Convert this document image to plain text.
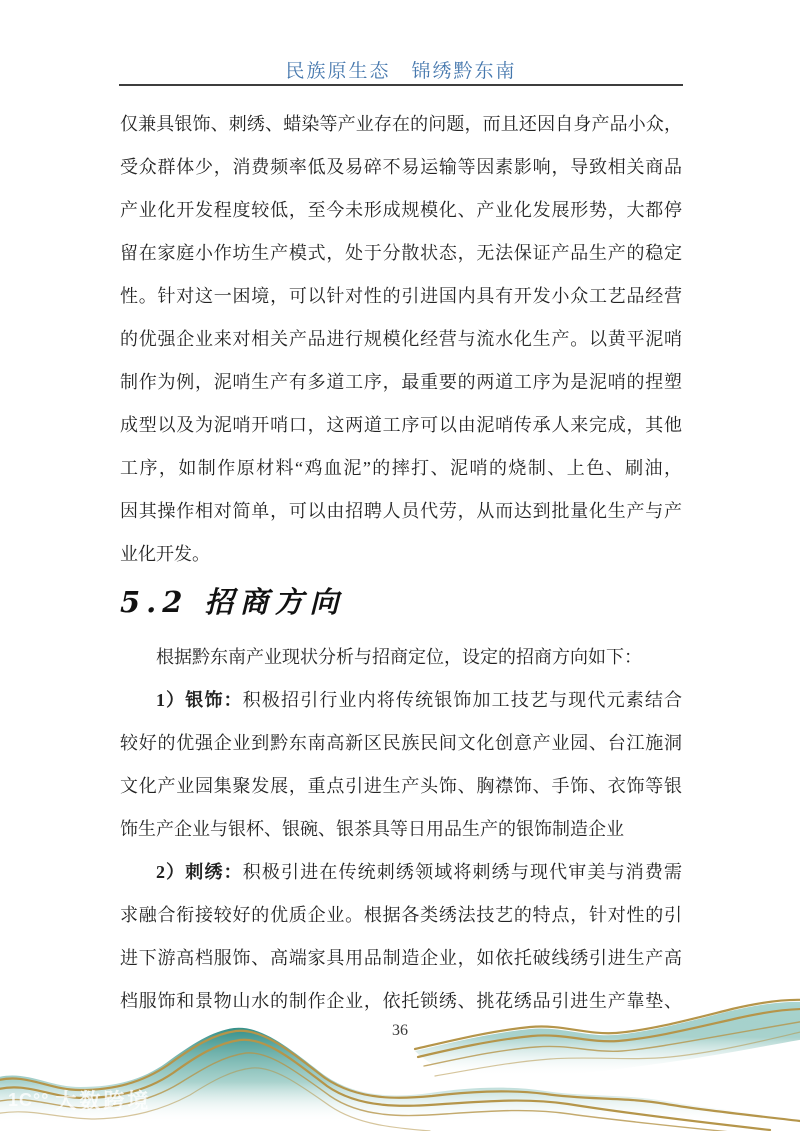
民族原生态　锦绣黔东南
仅兼具银饰、刺绣、蜡染等产业存在的问题，而且还因自身产品小众，
受众群体少，消费频率低及易碎不易运输等因素影响，导致相关商品
产业化开发程度较低，至今未形成规模化、产业化发展形势，大都停
留在家庭小作坊生产模式，处于分散状态，无法保证产品生产的稳定
性。针对这一困境，可以针对性的引进国内具有开发小众工艺品经营
的优强企业来对相关产品进行规模化经营与流水化生产。以黄平泥哨
制作为例，泥哨生产有多道工序，最重要的两道工序为是泥哨的捏塑
成型以及为泥哨开哨口，这两道工序可以由泥哨传承人来完成，其他
工序，如制作原材料“鸡血泥”的摔打、泥哨的烧制、上色、刷油，
因其操作相对简单，可以由招聘人员代劳，从而达到批量化生产与产
业化开发。
5.2 招商方向
根据黔东南产业现状分析与招商定位，设定的招商方向如下：
1）银饰：积极招引行业内将传统银饰加工技艺与现代元素结合
较好的优强企业到黔东南高新区民族民间文化创意产业园、台江施洞
文化产业园集聚发展，重点引进生产头饰、胸襟饰、手饰、衣饰等银
饰生产企业与银杯、银碗、银茶具等日用品生产的银饰制造企业
2）刺绣：积极引进在传统刺绣领域将刺绣与现代审美与消费需
求融合衔接较好的优质企业。根据各类绣法技艺的特点，针对性的引
进下游高档服饰、高端家具用品制造企业，如依托破线绣引进生产高
档服饰和景物山水的制作企业，依托锁绣、挑花绣品引进生产靠垫、
36
1C°° 大数跨境
